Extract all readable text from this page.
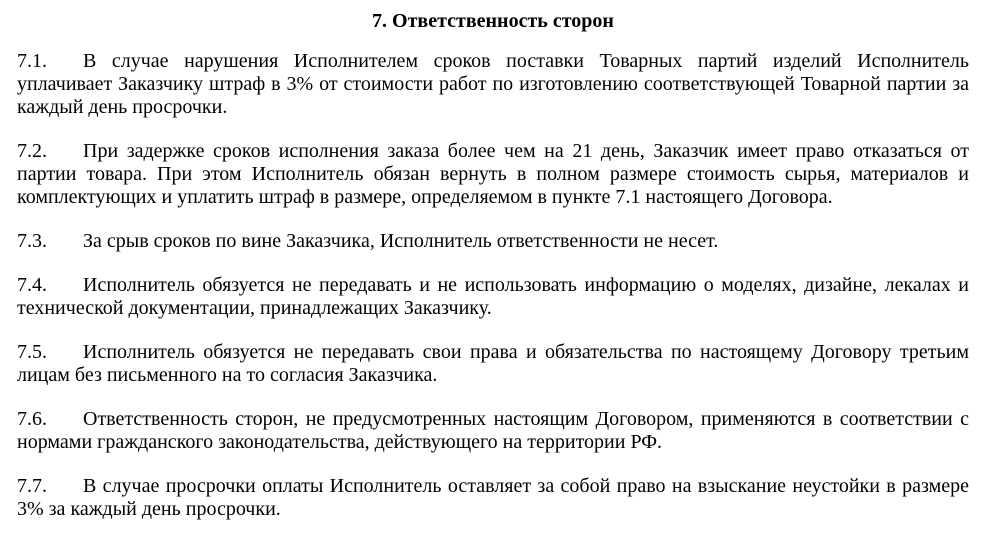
7. Ответственность сторон

7.1. В случае нарушения Исполнителем сроков поставки Товарных партий изделий Исполнитель уплачивает Заказчику штраф в 3% от стоимости работ по изготовлению соответствующей Товарной партии за каждый день просрочки.

7.2. При задержке сроков исполнения заказа более чем на 21 день, Заказчик имеет право отказаться от партии товара. При этом Исполнитель обязан вернуть в полном размере стоимость сырья, материалов и комплектующих и уплатить штраф в размере, определяемом в пункте 7.1 настоящего Договора.

7.3. За срыв сроков по вине Заказчика, Исполнитель ответственности не несет.

7.4. Исполнитель обязуется не передавать и не использовать информацию о моделях, дизайне, лекалах и технической документации, принадлежащих Заказчику.

7.5. Исполнитель обязуется не передавать свои права и обязательства по настоящему Договору третьим лицам без письменного на то согласия Заказчика.

7.6. Ответственность сторон, не предусмотренных настоящим Договором, применяются в соответствии с нормами гражданского законодательства, действующего на территории РФ.

7.7. В случае просрочки оплаты Исполнитель оставляет за собой право на взыскание неустойки в размере 3% за каждый день просрочки.
